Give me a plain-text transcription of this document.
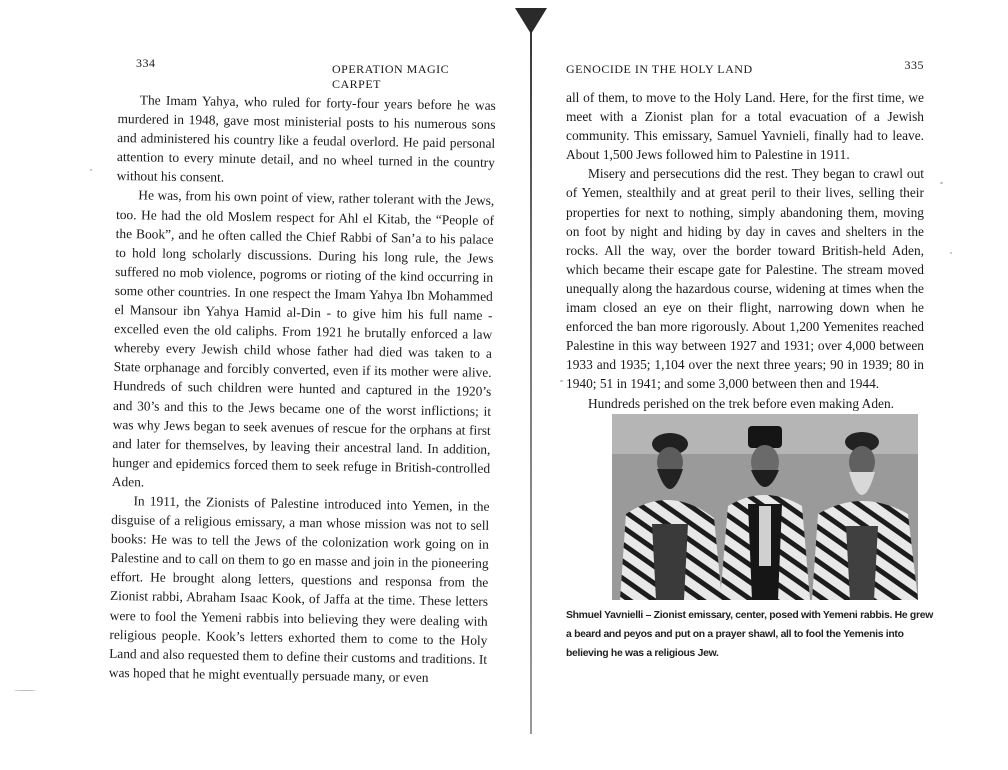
334	OPERATION MAGIC CARPET

The Imam Yahya, who ruled for forty-four years before he was murdered in 1948, gave most ministerial posts to his numerous sons and administered his country like a feudal overlord. He paid personal attention to every minute detail, and no wheel turned in the country without his consent.

He was, from his own point of view, rather tolerant with the Jews, too. He had the old Moslem respect for Ahl el Kitab, the “People of the Book”, and he often called the Chief Rabbi of San’a to his palace to hold long scholarly discussions. During his long rule, the Jews suffered no mob violence, pogroms or rioting of the kind occurring in some other countries. In one respect the Imam Yahya Ibn Mohammed el Mansour ibn Yahya Hamid al-Din - to give him his full name - excelled even the old caliphs. From 1921 he brutally enforced a law whereby every Jewish child whose father had died was taken to a State orphanage and forcibly converted, even if its mother were alive. Hundreds of such children were hunted and captured in the 1920’s and 30’s and this to the Jews became one of the worst inflictions; it was why Jews began to seek avenues of rescue for the orphans at first and later for themselves, by leaving their ancestral land. In addition, hunger and epidemics forced them to seek refuge in British-controlled Aden.

In 1911, the Zionists of Palestine introduced into Yemen, in the disguise of a religious emissary, a man whose mission was not to sell books: He was to tell the Jews of the colonization work going on in Palestine and to call on them to go en masse and join in the pioneering effort. He brought along letters, questions and responsa from the Zionist rabbi, Abraham Isaac Kook, of Jaffa at the time. These letters were to fool the Yemeni rabbis into believing they were dealing with religious people. Kook’s letters exhorted them to come to the Holy Land and also requested them to define their customs and traditions. It was hoped that he might eventually persuade many, or even

GENOCIDE IN THE HOLY LAND	335

all of them, to move to the Holy Land. Here, for the first time, we meet with a Zionist plan for a total evacuation of a Jewish community. This emissary, Samuel Yavnieli, finally had to leave. About 1,500 Jews followed him to Palestine in 1911.

Misery and persecutions did the rest. They began to crawl out of Yemen, stealthily and at great peril to their lives, selling their properties for next to nothing, simply abandoning them, moving on foot by night and hiding by day in caves and shelters in the rocks. All the way, over the border toward British-held Aden, which became their escape gate for Palestine. The stream moved unequally along the hazardous course, widening at times when the imam closed an eye on their flight, narrowing down when he enforced the ban more rigorously. About 1,200 Yemenites reached Palestine in this way between 1927 and 1931; over 4,000 between 1933 and 1935; 1,104 over the next three years; 90 in 1939; 80 in 1940; 51 in 1941; and some 3,000 between then and 1944.

Hundreds perished on the trek before even making Aden.

Shmuel Yavnielli – Zionist emissary, center, posed with Yemeni rabbis. He grew a beard and peyos and put on a prayer shawl, all to fool the Yemenis into believing he was a religious Jew.
